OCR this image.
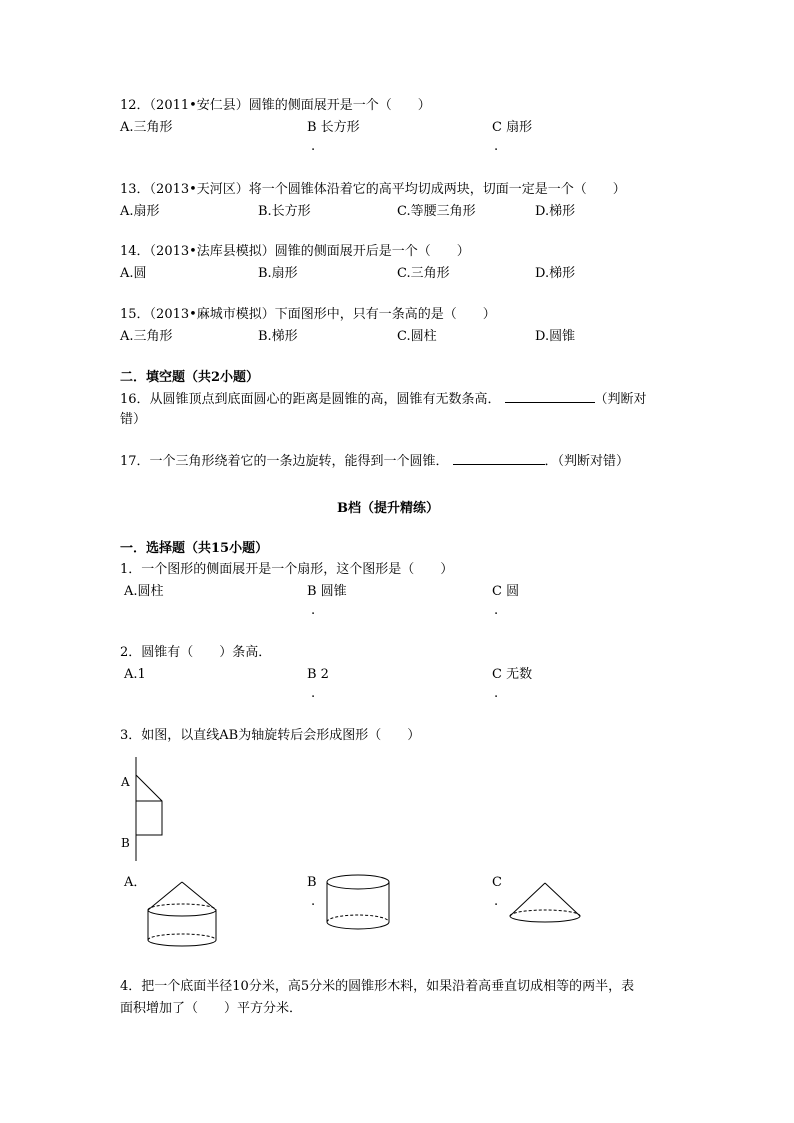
12．（2011•安仁县）圆锥的侧面展开是一个（　　）
A.三角形	B 长方形	C 扇形
.	.
13．（2013•天河区）将一个圆锥体沿着它的高平均切成两块，切面一定是一个（　　）
A.扇形	B.长方形	C.等腰三角形	D.梯形
14．（2013•法库县模拟）圆锥的侧面展开后是一个（　　）
A.圆	B.扇形	C.三角形	D.梯形
15．（2013•麻城市模拟）下面图形中，只有一条高的是（　　）
A.三角形	B.梯形	C.圆柱	D.圆锥
二．填空题（共2小题）
16．从圆锥顶点到底面圆心的距离是圆锥的高，圆锥有无数条高．	（判断对
错）
17．一个三角形绕着它的一条边旋转，能得到一个圆锥．	．（判断对错）
B档（提升精练）
一．选择题（共15小题）
1．一个图形的侧面展开是一个扇形，这个图形是（　　）
A.圆柱	B 圆锥	C 圆
.	.
2．圆锥有（　　）条高．
A.1	B 2	C 无数
.	.
3．如图，以直线AB为轴旋转后会形成图形（　　）
A
B
A．	B	C
.	.
4．把一个底面半径10分米，高5分米的圆锥形木料，如果沿着高垂直切成相等的两半，表
面积增加了（　　）平方分米．
